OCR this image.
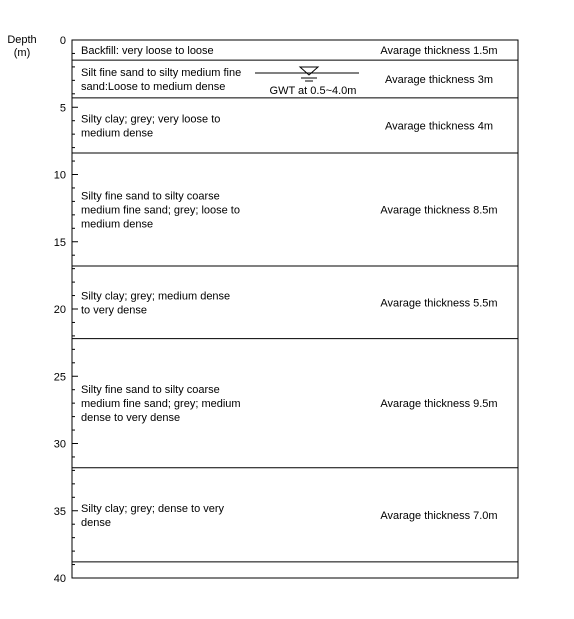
Depth
(m)
0
5
10
15
20
25
30
35
40
Backfill: very loose to loose	Avarage thickness 1.5m
Silt fine sand to silty medium fine
sand:Loose to medium dense
Avarage thickness 3m
Silty clay; grey; very loose to
medium dense
Avarage thickness 4m
Silty fine sand to silty coarse
medium fine sand; grey; loose to
medium dense
Avarage thickness 8.5m
Silty clay; grey; medium dense
to very dense
Avarage thickness 5.5m
Silty fine sand to silty coarse
medium fine sand; grey; medium
dense to very dense
Avarage thickness 9.5m
Silty clay; grey; dense to very
dense
Avarage thickness 7.0m
GWT at 0.5~4.0m
